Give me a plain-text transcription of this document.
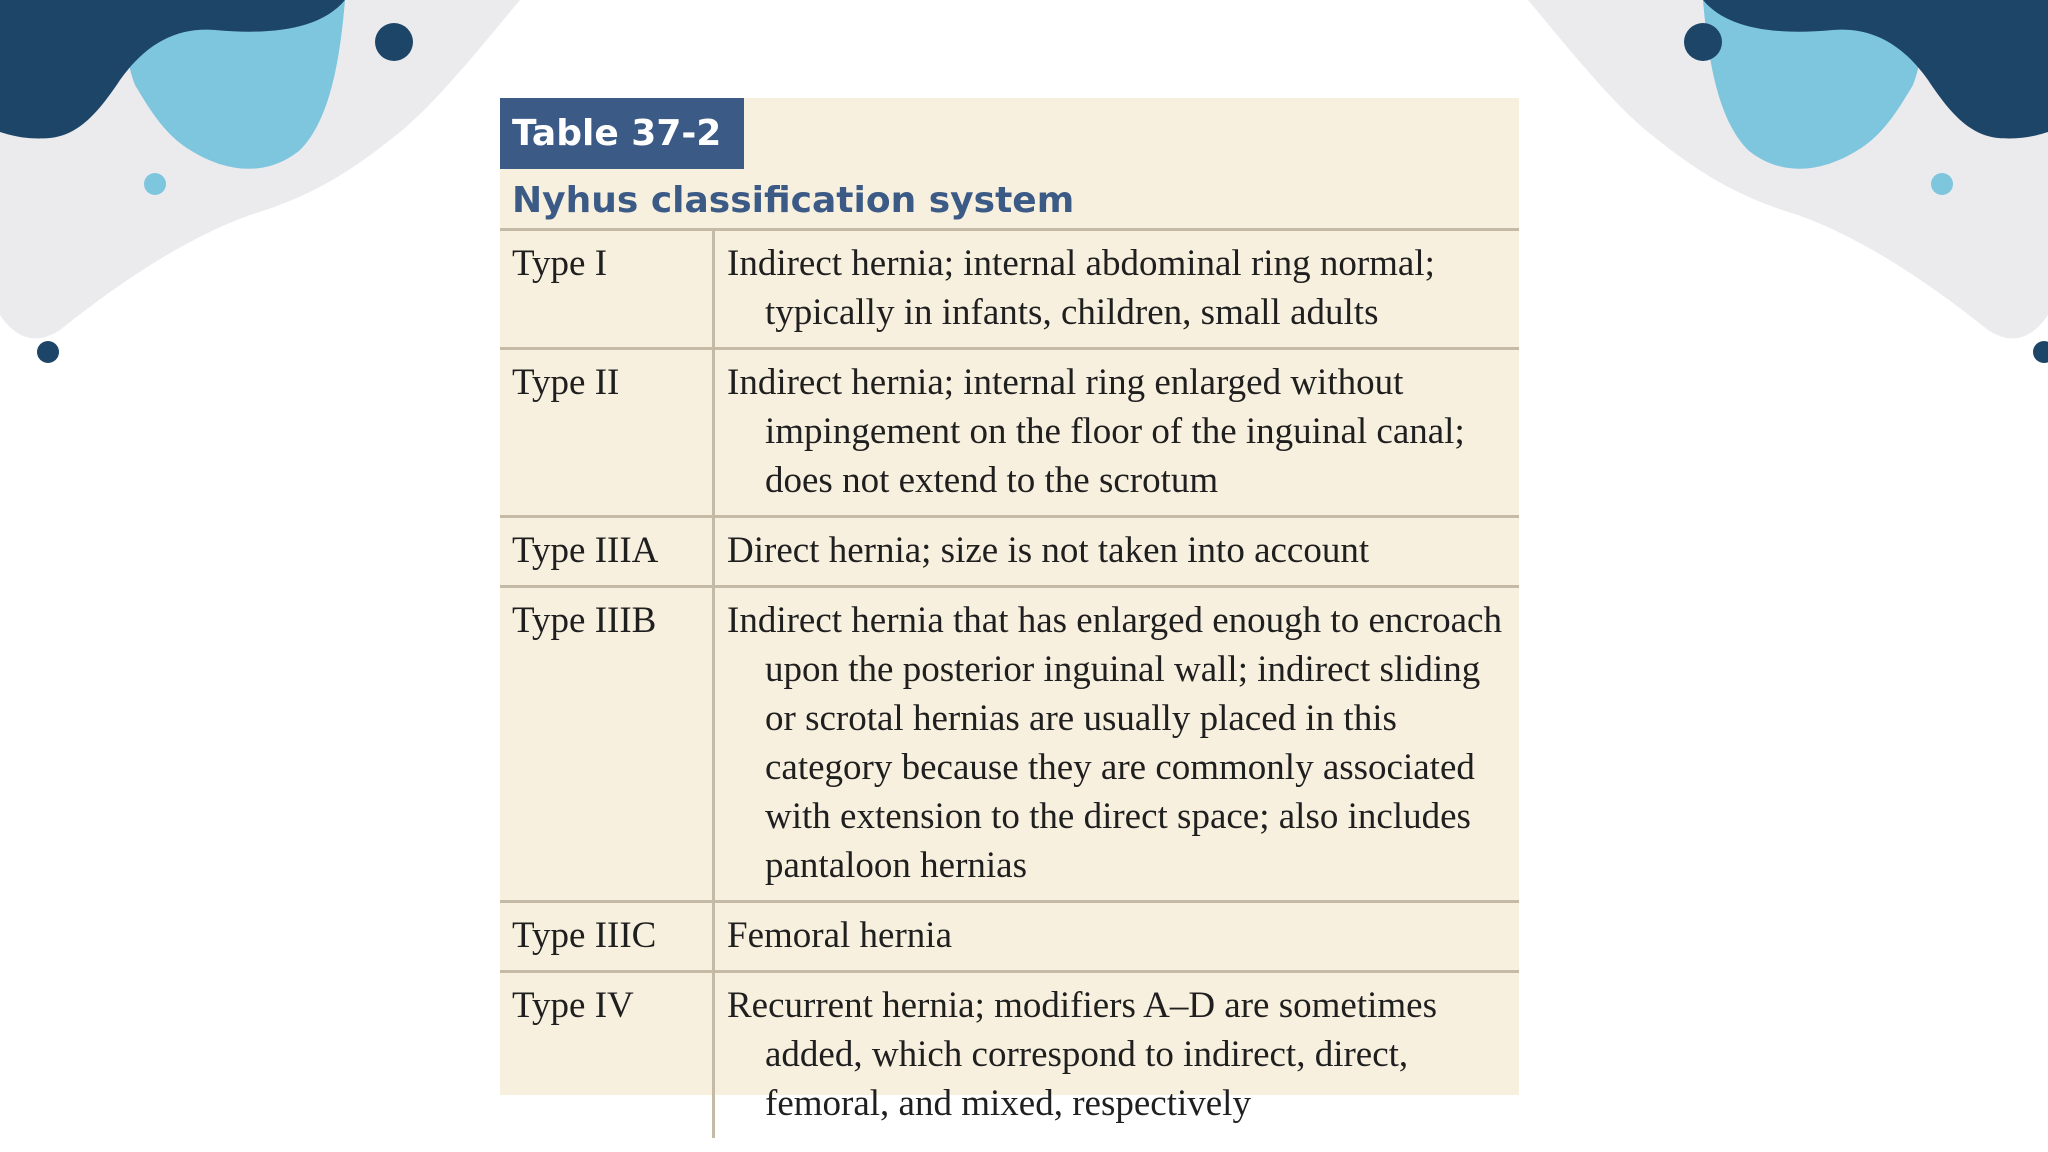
Table 37-2
Nyhus classification system
Type I	Indirect hernia; internal abdominal ring normal; typically in infants, children, small adults
Type II	Indirect hernia; internal ring enlarged without impingement on the floor of the inguinal canal; does not extend to the scrotum
Type IIIA	Direct hernia; size is not taken into account
Type IIIB	Indirect hernia that has enlarged enough to encroach upon the posterior inguinal wall; indirect sliding or scrotal hernias are usually placed in this category because they are commonly associated with extension to the direct space; also includes pantaloon hernias
Type IIIC	Femoral hernia
Type IV	Recurrent hernia; modifiers A–D are sometimes added, which correspond to indirect, direct, femoral, and mixed, respectively
